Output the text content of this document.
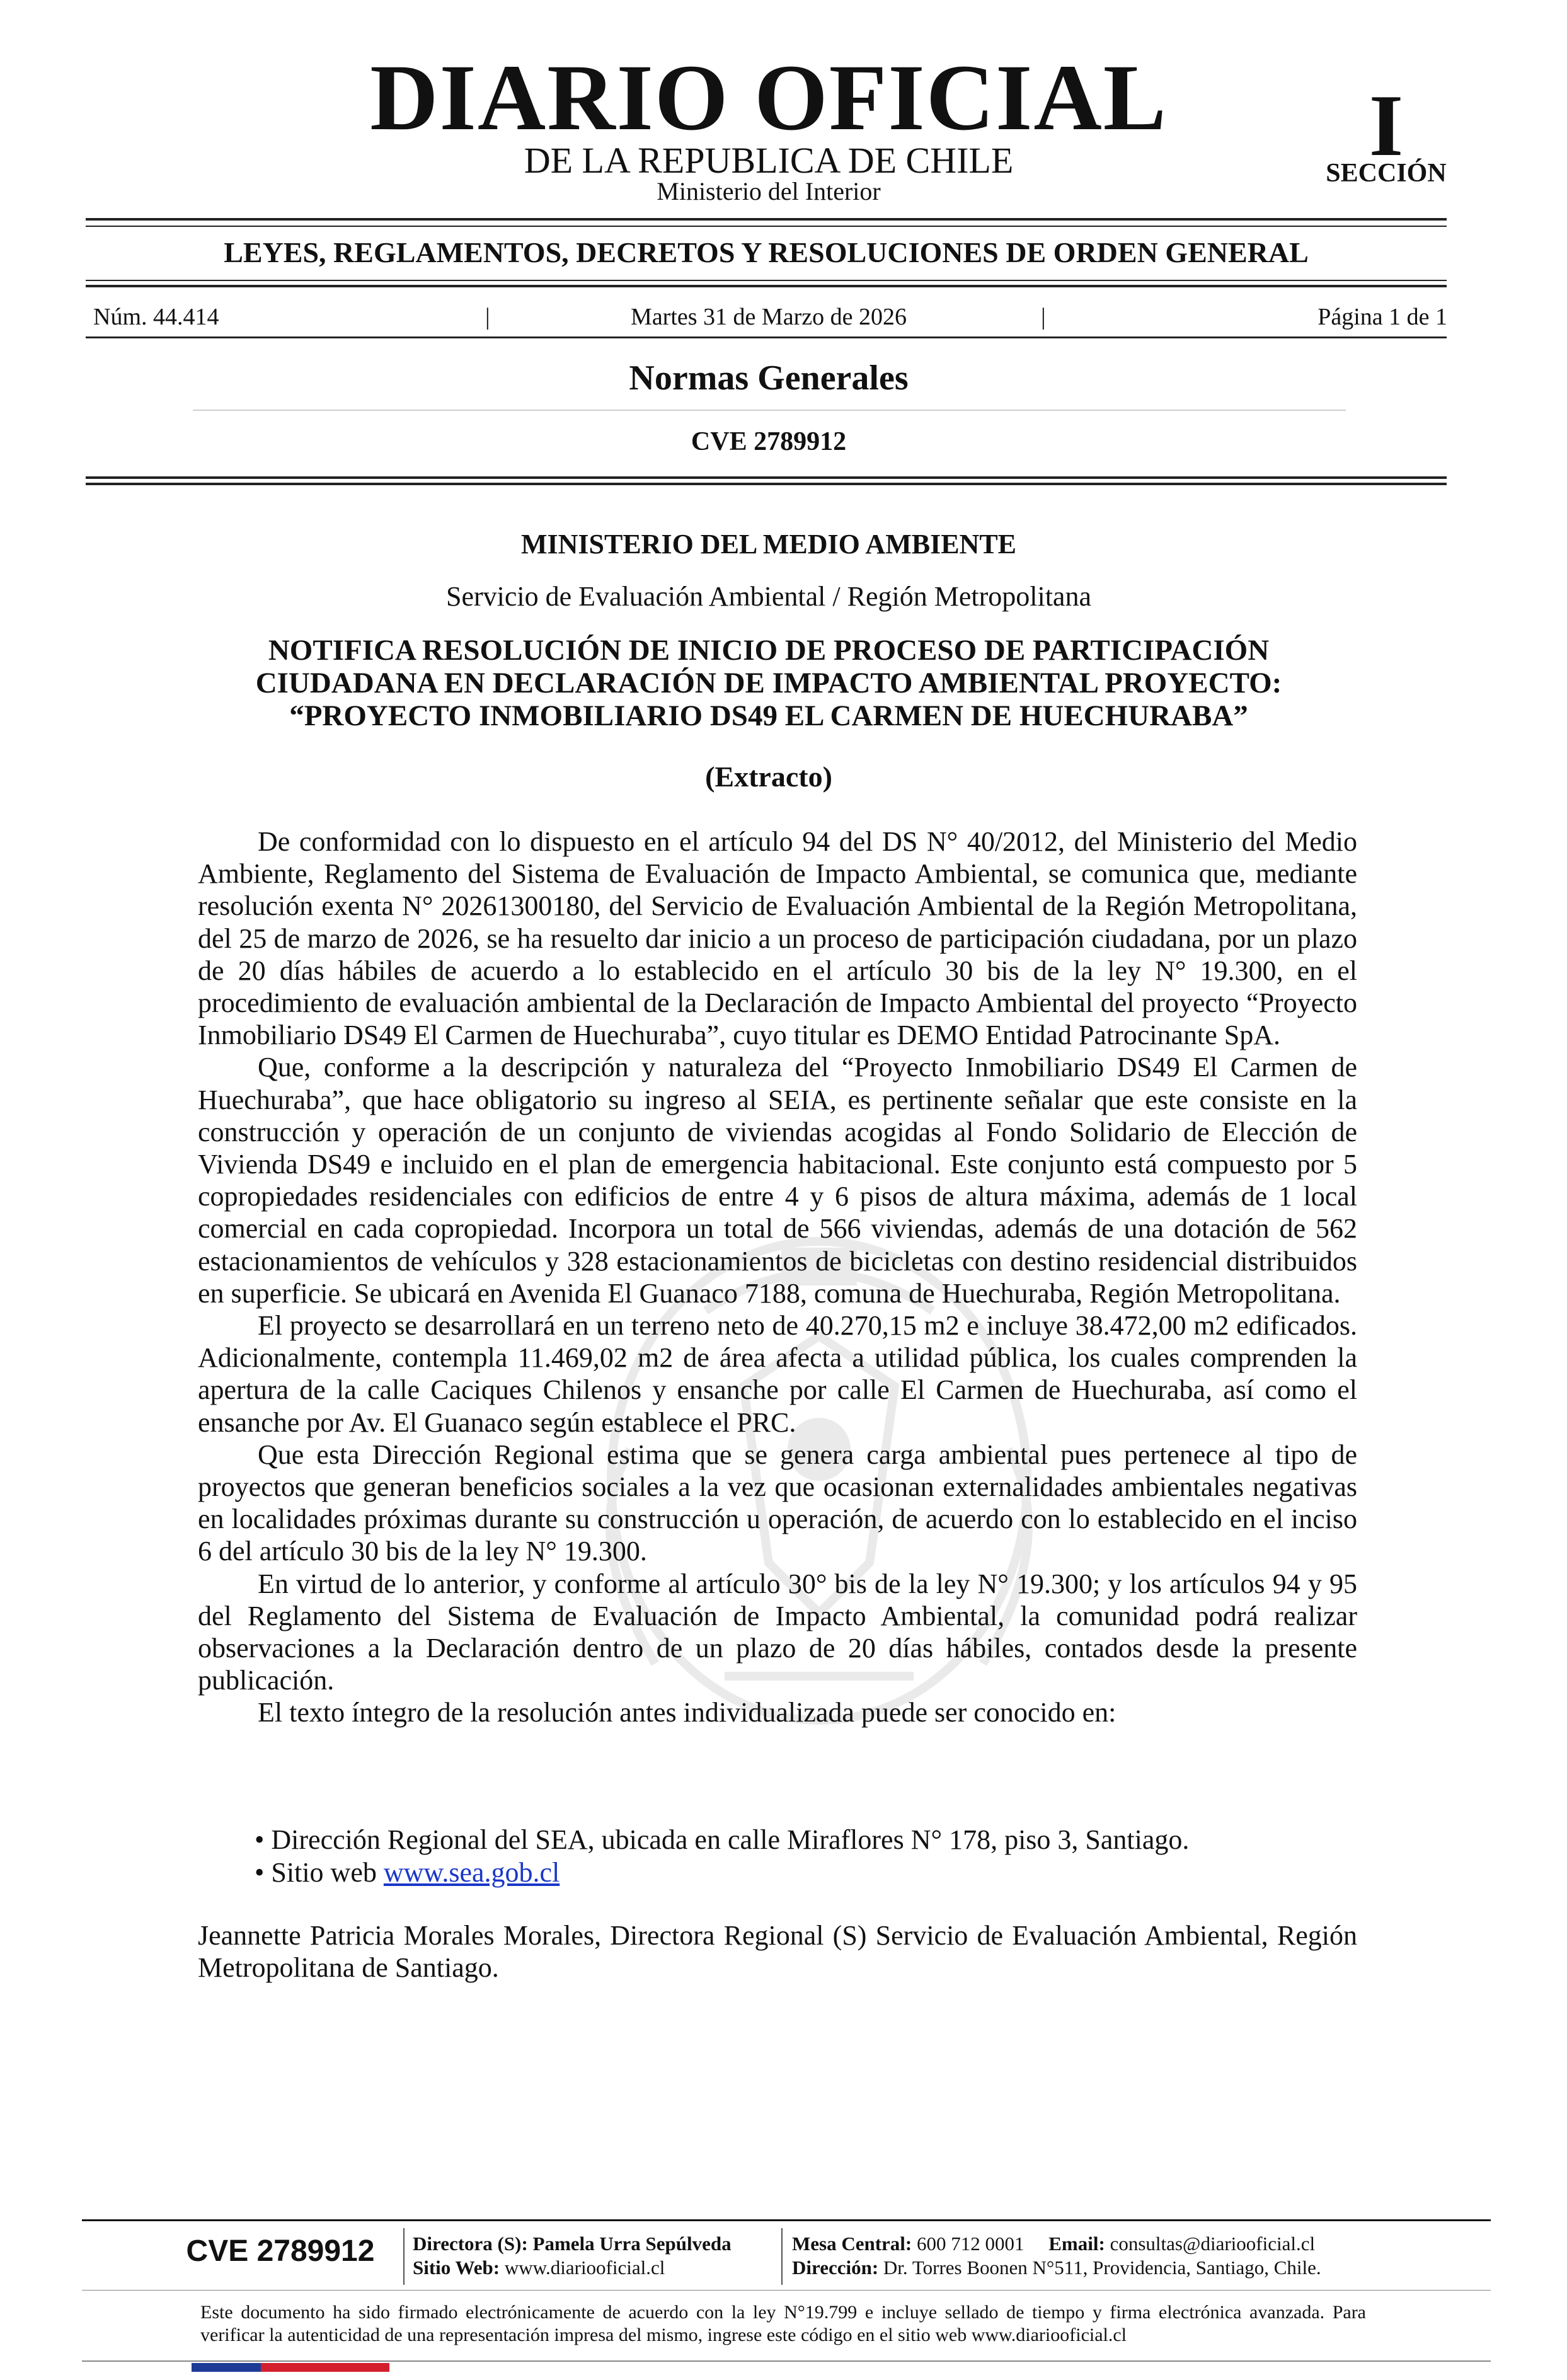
DIARIO OFICIAL
DE LA REPUBLICA DE CHILE
Ministerio del Interior
I
SECCIÓN
LEYES, REGLAMENTOS, DECRETOS Y RESOLUCIONES DE ORDEN GENERAL
Núm. 44.414	|	Martes 31 de Marzo de 2026	|	Página 1 de 1
Normas Generales
CVE 2789912
MINISTERIO DEL MEDIO AMBIENTE
Servicio de Evaluación Ambiental / Región Metropolitana
NOTIFICA RESOLUCIÓN DE INICIO DE PROCESO DE PARTICIPACIÓN
CIUDADANA EN DECLARACIÓN DE IMPACTO AMBIENTAL PROYECTO:
“PROYECTO INMOBILIARIO DS49 EL CARMEN DE HUECHURABA”
(Extracto)

De conformidad con lo dispuesto en el artículo 94 del DS N° 40/2012, del Ministerio del Medio Ambiente, Reglamento del Sistema de Evaluación de Impacto Ambiental, se comunica que, mediante resolución exenta N° 20261300180, del Servicio de Evaluación Ambiental de la Región Metropolitana, del 25 de marzo de 2026, se ha resuelto dar inicio a un proceso de participación ciudadana, por un plazo de 20 días hábiles de acuerdo a lo establecido en el artículo 30 bis de la ley N° 19.300, en el procedimiento de evaluación ambiental de la Declaración de Impacto Ambiental del proyecto “Proyecto Inmobiliario DS49 El Carmen de Huechuraba”, cuyo titular es DEMO Entidad Patrocinante SpA.

Que, conforme a la descripción y naturaleza del “Proyecto Inmobiliario DS49 El Carmen de Huechuraba”, que hace obligatorio su ingreso al SEIA, es pertinente señalar que este consiste en la construcción y operación de un conjunto de viviendas acogidas al Fondo Solidario de Elección de Vivienda DS49 e incluido en el plan de emergencia habitacional. Este conjunto está compuesto por 5 copropiedades residenciales con edificios de entre 4 y 6 pisos de altura máxima, además de 1 local comercial en cada copropiedad. Incorpora un total de 566 viviendas, además de una dotación de 562 estacionamientos de vehículos y 328 estacionamientos de bicicletas con destino residencial distribuidos en superficie. Se ubicará en Avenida El Guanaco 7188, comuna de Huechuraba, Región Metropolitana.

El proyecto se desarrollará en un terreno neto de 40.270,15 m2 e incluye 38.472,00 m2 edificados. Adicionalmente, contempla 11.469,02 m2 de área afecta a utilidad pública, los cuales comprenden la apertura de la calle Caciques Chilenos y ensanche por calle El Carmen de Huechuraba, así como el ensanche por Av. El Guanaco según establece el PRC.

Que esta Dirección Regional estima que se genera carga ambiental pues pertenece al tipo de proyectos que generan beneficios sociales a la vez que ocasionan externalidades ambientales negativas en localidades próximas durante su construcción u operación, de acuerdo con lo establecido en el inciso 6 del artículo 30 bis de la ley N° 19.300.

En virtud de lo anterior, y conforme al artículo 30° bis de la ley N° 19.300; y los artículos 94 y 95 del Reglamento del Sistema de Evaluación de Impacto Ambiental, la comunidad podrá realizar observaciones a la Declaración dentro de un plazo de 20 días hábiles, contados desde la presente publicación.

El texto íntegro de la resolución antes individualizada puede ser conocido en:

• Dirección Regional del SEA, ubicada en calle Miraflores N° 178, piso 3, Santiago.
• Sitio web www.sea.gob.cl
Jeannette Patricia Morales Morales, Directora Regional (S) Servicio de Evaluación Ambiental, Región Metropolitana de Santiago.
CVE 2789912	Directora (S): Pamela Urra Sepúlveda
Sitio Web: www.diariooficial.cl
Mesa Central: 600 712 0001 Email: consultas@diariooficial.cl
Dirección: Dr. Torres Boonen N°511, Providencia, Santiago, Chile.
Este documento ha sido firmado electrónicamente de acuerdo con la ley N°19.799 e incluye sellado de tiempo y firma electrónica avanzada. Para verificar la autenticidad de una representación impresa del mismo, ingrese este código en el sitio web www.diariooficial.cl
